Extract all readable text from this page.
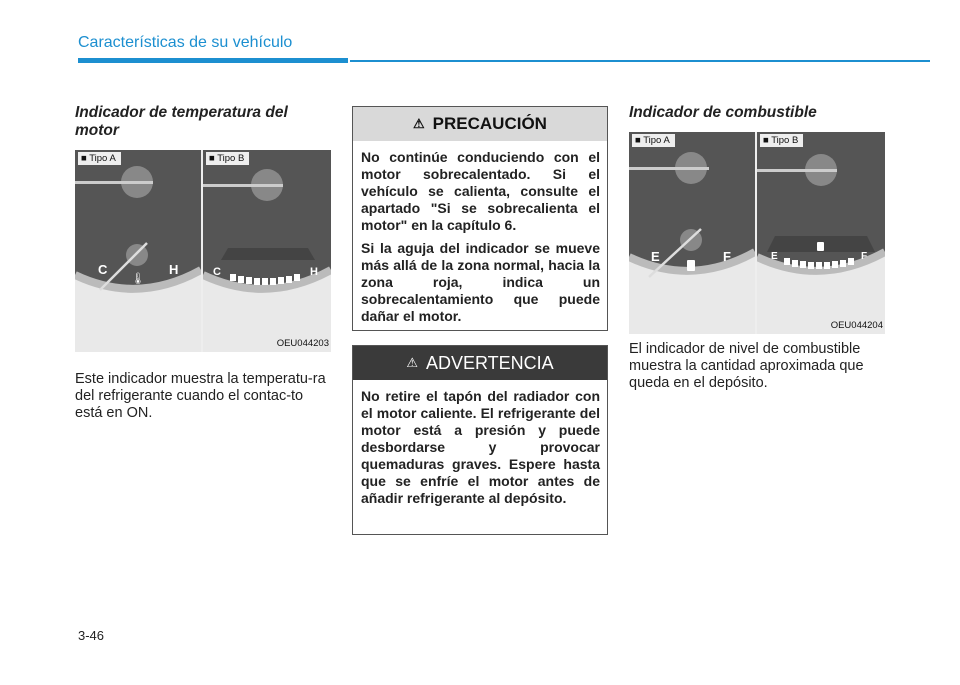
Características de su vehículo
Indicador de temperatura del motor
C	H
🌡
■ Tipo A
C	H
■ Tipo B
OEU044203

Este indicador muestra la temperatu-ra del refrigerante cuando el contac-to está en ON.

⚠ PRECAUCIÓN

No continúe conduciendo con el motor sobrecalentado. Si el vehículo se calienta, consulte el apartado "Si se sobrecalienta el motor" en la capítulo 6.

Si la aguja del indicador se mueve más allá de la zona normal, hacia la zona roja, indica un sobrecalentamiento que puede dañar el motor.

⚠ ADVERTENCIA

No retire el tapón del radiador con el motor caliente. El refrigerante del motor está a presión y puede desbordarse y provocar quemaduras graves. Espere hasta que se enfríe el motor antes de añadir refrigerante al depósito.

Indicador de combustible
E	F
■ Tipo A
E	F
■ Tipo B
OEU044204

El indicador de nivel de combustible muestra la cantidad aproximada que queda en el depósito.

3-46
